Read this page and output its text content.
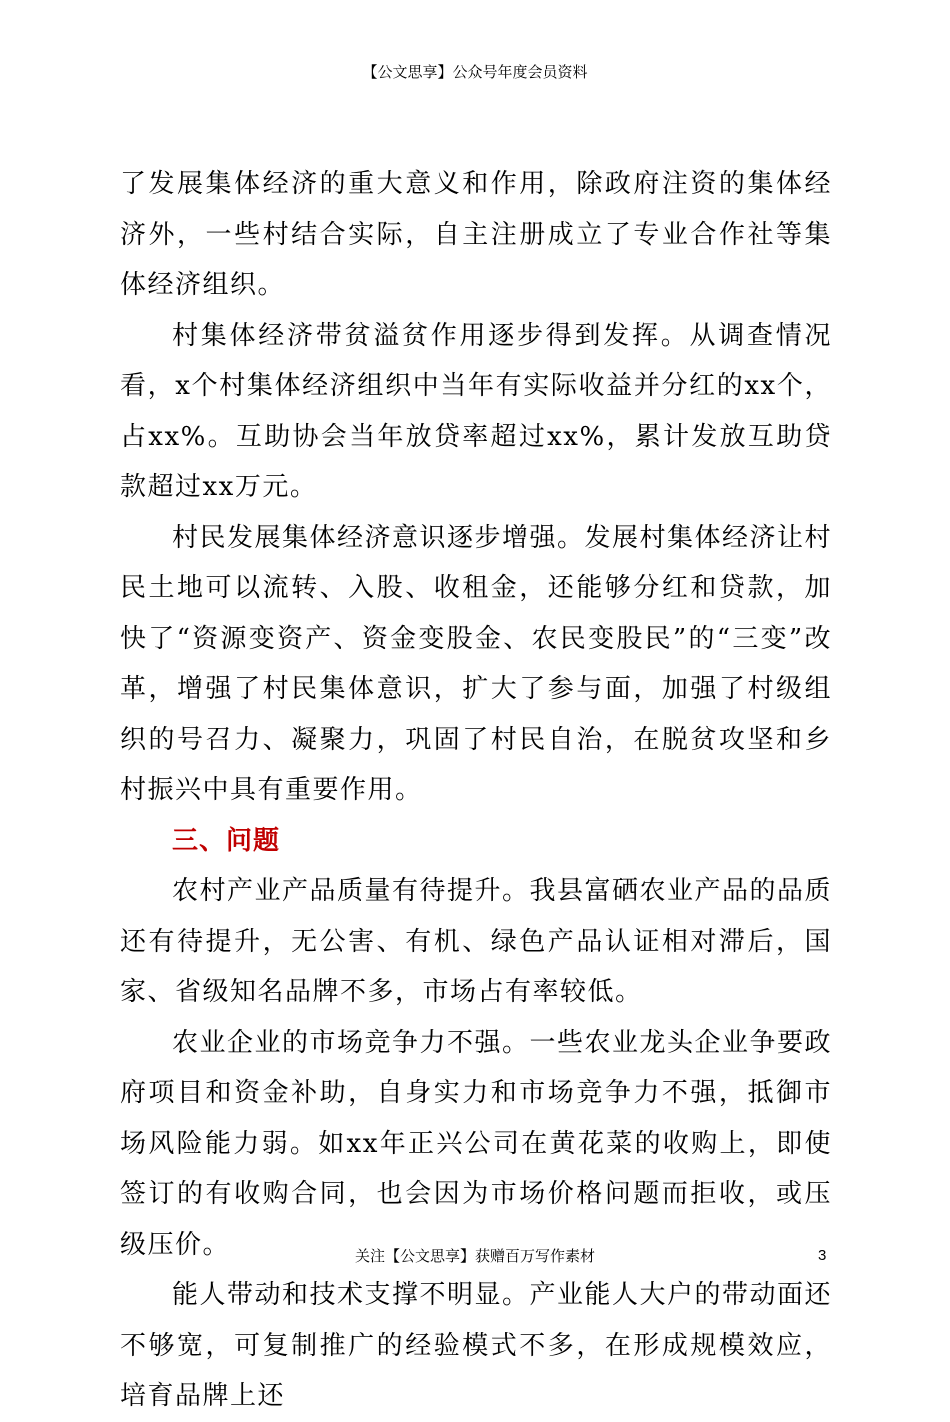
【公文思享】公众号年度会员资料

了发展集体经济的重大意义和作用，除政府注资的集体经济外，一些村结合实际，自主注册成立了专业合作社等集体经济组织。

村集体经济带贫溢贫作用逐步得到发挥。从调查情况看，x个村集体经济组织中当年有实际收益并分红的xx个，占xx%。互助协会当年放贷率超过xx%，累计发放互助贷款超过xx万元。

村民发展集体经济意识逐步增强。发展村集体经济让村民土地可以流转、入股、收租金，还能够分红和贷款，加快了“资源变资产、资金变股金、农民变股民”的“三变”改革，增强了村民集体意识，扩大了参与面，加强了村级组织的号召力、凝聚力，巩固了村民自治，在脱贫攻坚和乡村振兴中具有重要作用。

三、问题

农村产业产品质量有待提升。我县富硒农业产品的品质还有待提升，无公害、有机、绿色产品认证相对滞后，国家、省级知名品牌不多，市场占有率较低。

农业企业的市场竞争力不强。一些农业龙头企业争要政府项目和资金补助，自身实力和市场竞争力不强，抵御市场风险能力弱。如xx年正兴公司在黄花菜的收购上，即使签订的有收购合同，也会因为市场价格问题而拒收，或压级压价。

能人带动和技术支撑不明显。产业能人大户的带动面还不够宽，可复制推广的经验模式不多，在形成规模效应，培育品牌上还

关注【公文思享】获赠百万写作素材	3
